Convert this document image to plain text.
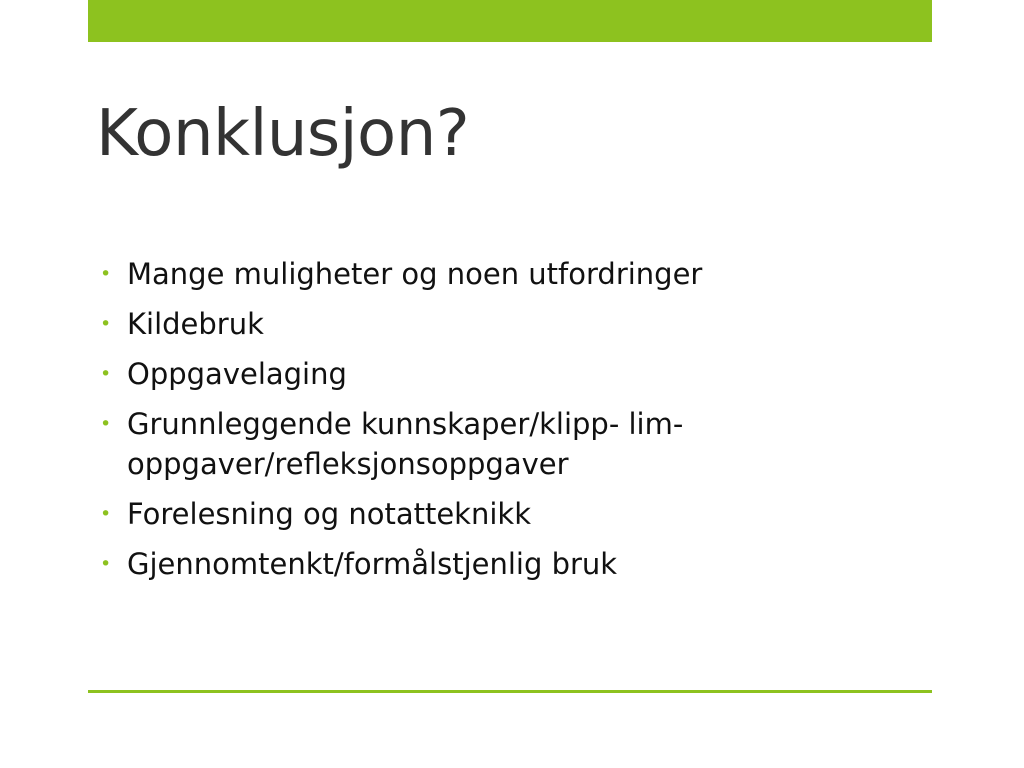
Konklusjon?
• Mange muligheter og noen utfordringer
• Kildebruk
• Oppgavelaging
• Grunnleggende kunnskaper/klipp- lim-oppgaver/refleksjonsoppgaver
• Forelesning og notatteknikk
• Gjennomtenkt/formålstjenlig bruk
